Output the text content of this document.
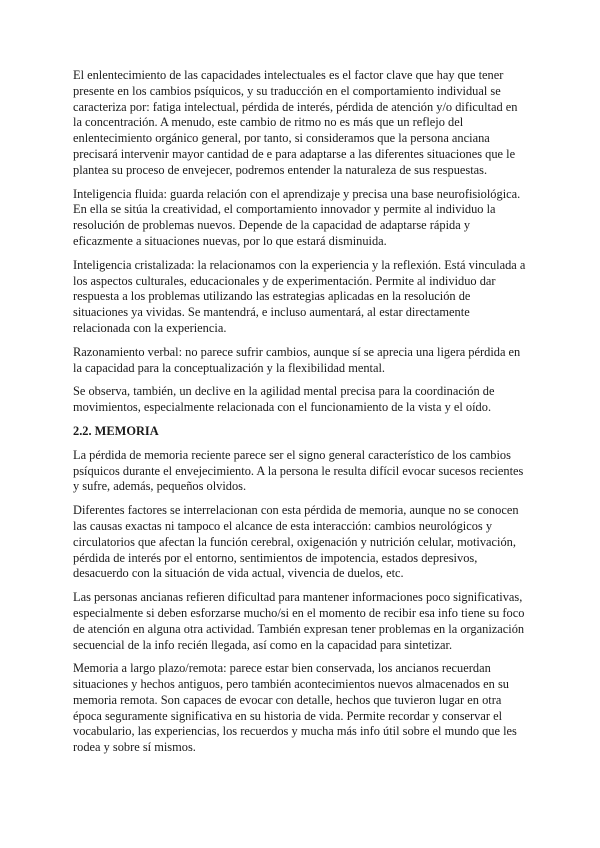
El enlentecimiento de las capacidades intelectuales es el factor clave que hay que tener presente en los cambios psíquicos, y su traducción en el comportamiento individual se caracteriza por: fatiga intelectual, pérdida de interés, pérdida de atención y/o dificultad en la concentración. A menudo, este cambio de ritmo no es más que un reflejo del enlentecimiento orgánico general, por tanto, si consideramos que la persona anciana precisará intervenir mayor cantidad de e para adaptarse a las diferentes situaciones que le plantea su proceso de envejecer, podremos entender la naturaleza de sus respuestas.

Inteligencia fluida: guarda relación con el aprendizaje y precisa una base neurofisiológica. En ella se sitúa la creatividad, el comportamiento innovador y permite al individuo la resolución de problemas nuevos. Depende de la capacidad de adaptarse rápida y eficazmente a situaciones nuevas, por lo que estará disminuida.

Inteligencia cristalizada: la relacionamos con la experiencia y la reflexión. Está vinculada a los aspectos culturales, educacionales y de experimentación. Permite al individuo dar respuesta a los problemas utilizando las estrategias aplicadas en la resolución de situaciones ya vividas. Se mantendrá, e incluso aumentará, al estar directamente relacionada con la experiencia.

Razonamiento verbal: no parece sufrir cambios, aunque sí se aprecia una ligera pérdida en la capacidad para la conceptualización y la flexibilidad mental.

Se observa, también, un declive en la agilidad mental precisa para la coordinación de movimientos, especialmente relacionada con el funcionamiento de la vista y el oído.

2.2. MEMORIA

La pérdida de memoria reciente parece ser el signo general característico de los cambios psíquicos durante el envejecimiento. A la persona le resulta difícil evocar sucesos recientes y sufre, además, pequeños olvidos.

Diferentes factores se interrelacionan con esta pérdida de memoria, aunque no se conocen las causas exactas ni tampoco el alcance de esta interacción: cambios neurológicos y circulatorios que afectan la función cerebral, oxigenación y nutrición celular, motivación, pérdida de interés por el entorno, sentimientos de impotencia, estados depresivos, desacuerdo con la situación de vida actual, vivencia de duelos, etc.

Las personas ancianas refieren dificultad para mantener informaciones poco significativas, especialmente si deben esforzarse mucho/si en el momento de recibir esa info tiene su foco de atención en alguna otra actividad. También expresan tener problemas en la organización secuencial de la info recién llegada, así como en la capacidad para sintetizar.

Memoria a largo plazo/remota: parece estar bien conservada, los ancianos recuerdan situaciones y hechos antiguos, pero también acontecimientos nuevos almacenados en su memoria remota. Son capaces de evocar con detalle, hechos que tuvieron lugar en otra época seguramente significativa en su historia de vida. Permite recordar y conservar el vocabulario, las experiencias, los recuerdos y mucha más info útil sobre el mundo que les rodea y sobre sí mismos.
